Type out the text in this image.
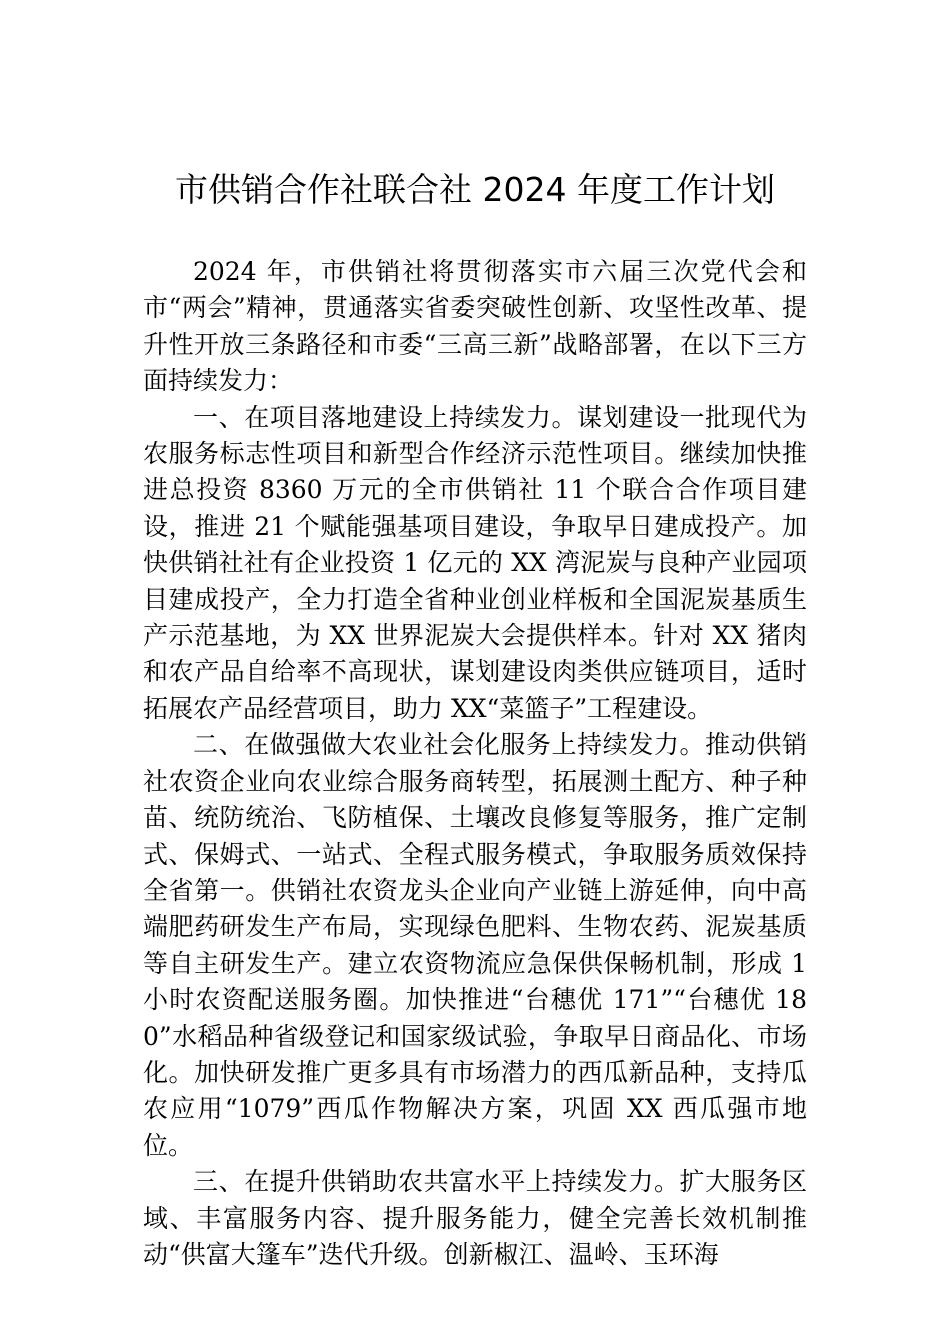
市供销合作社联合社 2024 年度工作计划

2024 年，市供销社将贯彻落实市六届三次党代会和市“两会”精神，贯通落实省委突破性创新、攻坚性改革、提升性开放三条路径和市委“三高三新”战略部署，在以下三方面持续发力：

一、在项目落地建设上持续发力。谋划建设一批现代为农服务标志性项目和新型合作经济示范性项目。继续加快推进总投资 8360 万元的全市供销社 11 个联合合作项目建设，推进 21 个赋能强基项目建设，争取早日建成投产。加快供销社社有企业投资 1 亿元的 XX 湾泥炭与良种产业园项目建成投产，全力打造全省种业创业样板和全国泥炭基质生产示范基地，为 XX 世界泥炭大会提供样本。针对 XX 猪肉和农产品自给率不高现状，谋划建设肉类供应链项目，适时拓展农产品经营项目，助力 XX“菜篮子”工程建设。

二、在做强做大农业社会化服务上持续发力。推动供销社农资企业向农业综合服务商转型，拓展测土配方、种子种苗、统防统治、飞防植保、土壤改良修复等服务，推广定制式、保姆式、一站式、全程式服务模式，争取服务质效保持全省第一。供销社农资龙头企业向产业链上游延伸，向中高端肥药研发生产布局，实现绿色肥料、生物农药、泥炭基质等自主研发生产。建立农资物流应急保供保畅机制，形成 1 小时农资配送服务圈。加快推进“台穗优 171”“台穗优 180”水稻品种省级登记和国家级试验，争取早日商品化、市场化。加快研发推广更多具有市场潜力的西瓜新品种，支持瓜农应用“1079”西瓜作物解决方案，巩固 XX 西瓜强市地位。

三、在提升供销助农共富水平上持续发力。扩大服务区域、丰富服务内容、提升服务能力，健全完善长效机制推动“供富大篷车”迭代升级。创新椒江、温岭、玉环海
